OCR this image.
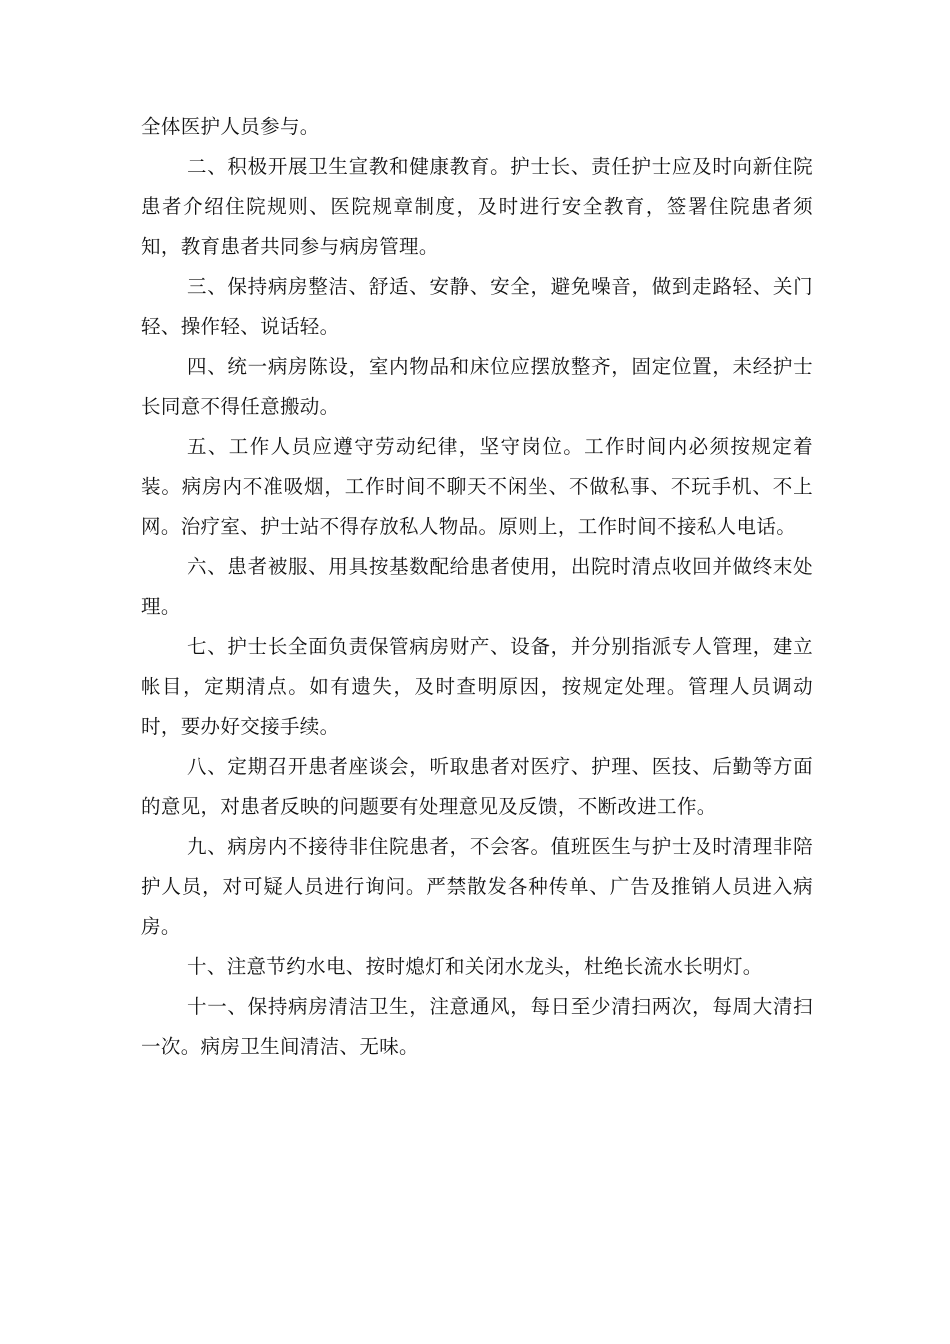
全体医护人员参与。

二、积极开展卫生宣教和健康教育。护士长、责任护士应及时向新住院患者介绍住院规则、医院规章制度，及时进行安全教育，签署住院患者须知，教育患者共同参与病房管理。

三、保持病房整洁、舒适、安静、安全，避免噪音，做到走路轻、关门轻、操作轻、说话轻。

四、统一病房陈设，室内物品和床位应摆放整齐，固定位置，未经护士长同意不得任意搬动。

五、工作人员应遵守劳动纪律，坚守岗位。工作时间内必须按规定着装。病房内不准吸烟，工作时间不聊天不闲坐、不做私事、不玩手机、不上网。治疗室、护士站不得存放私人物品。原则上，工作时间不接私人电话。

六、患者被服、用具按基数配给患者使用，出院时清点收回并做终末处理。

七、护士长全面负责保管病房财产、设备，并分别指派专人管理，建立帐目，定期清点。如有遗失，及时查明原因，按规定处理。管理人员调动时，要办好交接手续。

八、定期召开患者座谈会，听取患者对医疗、护理、医技、后勤等方面的意见，对患者反映的问题要有处理意见及反馈，不断改进工作。

九、病房内不接待非住院患者，不会客。值班医生与护士及时清理非陪护人员，对可疑人员进行询问。严禁散发各种传单、广告及推销人员进入病房。

十、注意节约水电、按时熄灯和关闭水龙头，杜绝长流水长明灯。

十一、保持病房清洁卫生，注意通风，每日至少清扫两次，每周大清扫一次。病房卫生间清洁、无味。
